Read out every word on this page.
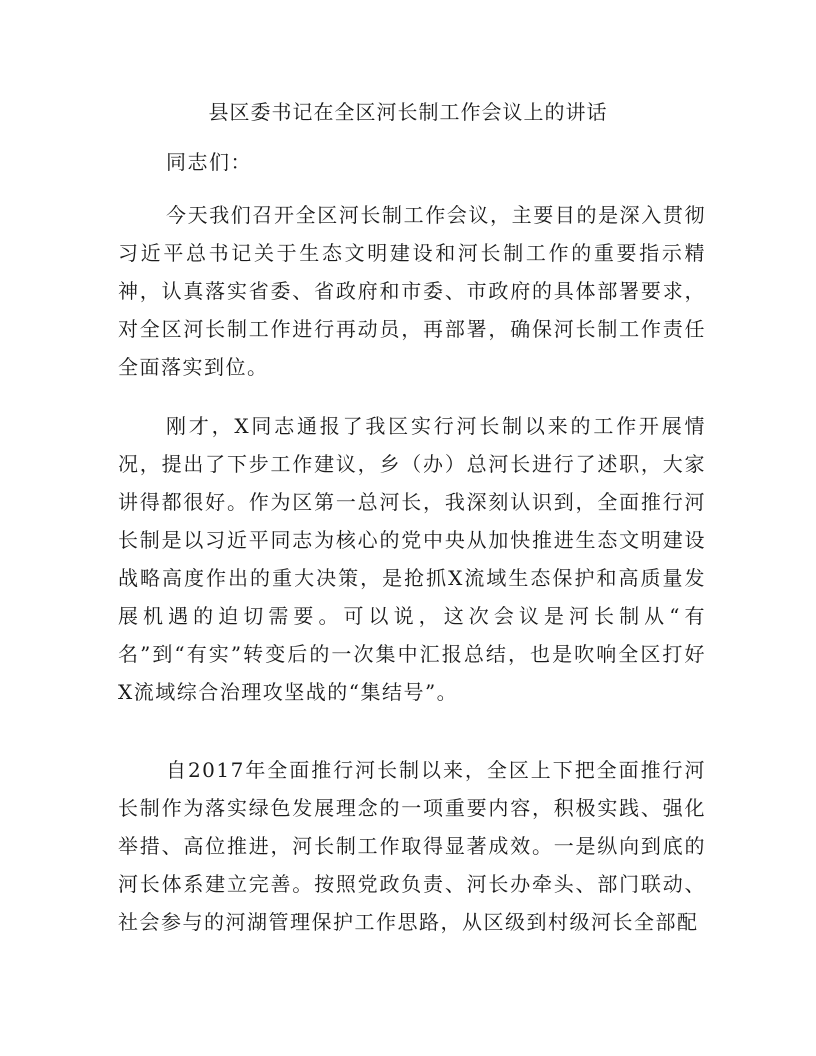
县区委书记在全区河长制工作会议上的讲话

同志们：

今天我们召开全区河长制工作会议，主要目的是深入贯彻习近平总书记关于生态文明建设和河长制工作的重要指示精神，认真落实省委、省政府和市委、市政府的具体部署要求，对全区河长制工作进行再动员，再部署，确保河长制工作责任全面落实到位。

刚才，X同志通报了我区实行河长制以来的工作开展情况，提出了下步工作建议，乡（办）总河长进行了述职，大家讲得都很好。作为区第一总河长，我深刻认识到，全面推行河长制是以习近平同志为核心的党中央从加快推进生态文明建设战略高度作出的重大决策，是抢抓X流域生态保护和高质量发展机遇的迫切需要。可以说，这次会议是河长制从“有名”到“有实”转变后的一次集中汇报总结，也是吹响全区打好X流域综合治理攻坚战的“集结号”。

自2017年全面推行河长制以来，全区上下把全面推行河长制作为落实绿色发展理念的一项重要内容，积极实践、强化举措、高位推进，河长制工作取得显著成效。一是纵向到底的河长体系建立完善。按照党政负责、河长办牵头、部门联动、社会参与的河湖管理保护工作思路，从区级到村级河长全部配
